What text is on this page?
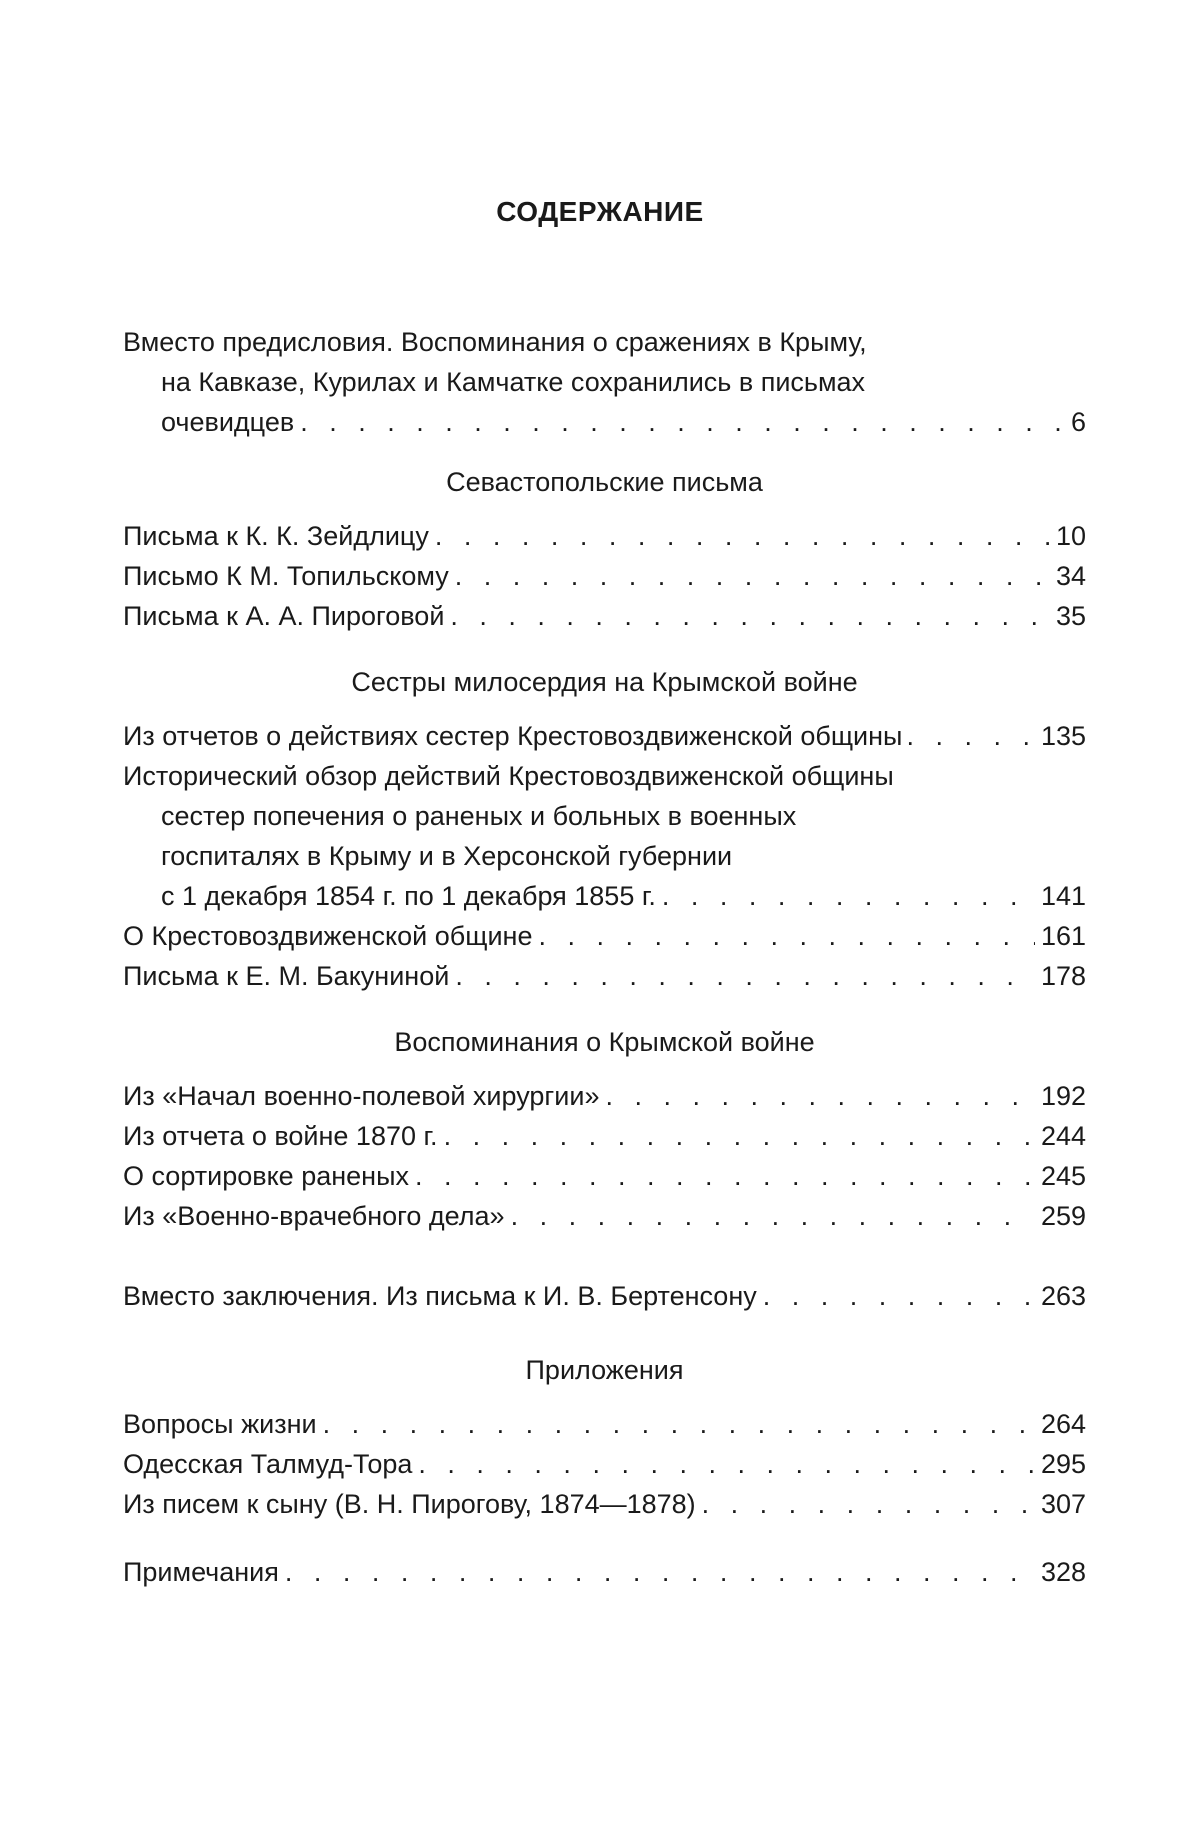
СОДЕРЖАНИЕ
Вместо предисловия. Воспоминания о сражениях в Крыму,
на Кавказе, Курилах и Камчатке сохранились в письмах
очевидцев . . .	6
Севастопольские письма
Письма к К. К. Зейдлицу . . .	10
Письмо К М. Топильскому . . .	34
Письма к А. А. Пироговой . . .	35
Сестры милосердия на Крымской войне
Из отчетов о действиях сестер Крестовоздвиженской общины . . .	135
Исторический обзор действий Крестовоздвиженской общины
сестер попечения о раненых и больных в военных
госпиталях в Крыму и в Херсонской губернии
с 1 декабря 1854 г. по 1 декабря 1855 г. . . .	141
О Крестовоздвиженской общине . . .	161
Письма к Е. М. Бакуниной . . .	178
Воспоминания о Крымской войне
Из «Начал военно-полевой хирургии» . . .	192
Из отчета о войне 1870 г. . . .	244
О сортировке раненых . . .	245
Из «Военно-врачебного дела» . . .	259
Вместо заключения. Из письма к И. В. Бертенсону . . .	263
Приложения
Вопросы жизни . . .	264
Одесская Талмуд-Тора . . .	295
Из писем к сыну (В. Н. Пирогову, 1874—1878) . . .	307
Примечания . . .	328
